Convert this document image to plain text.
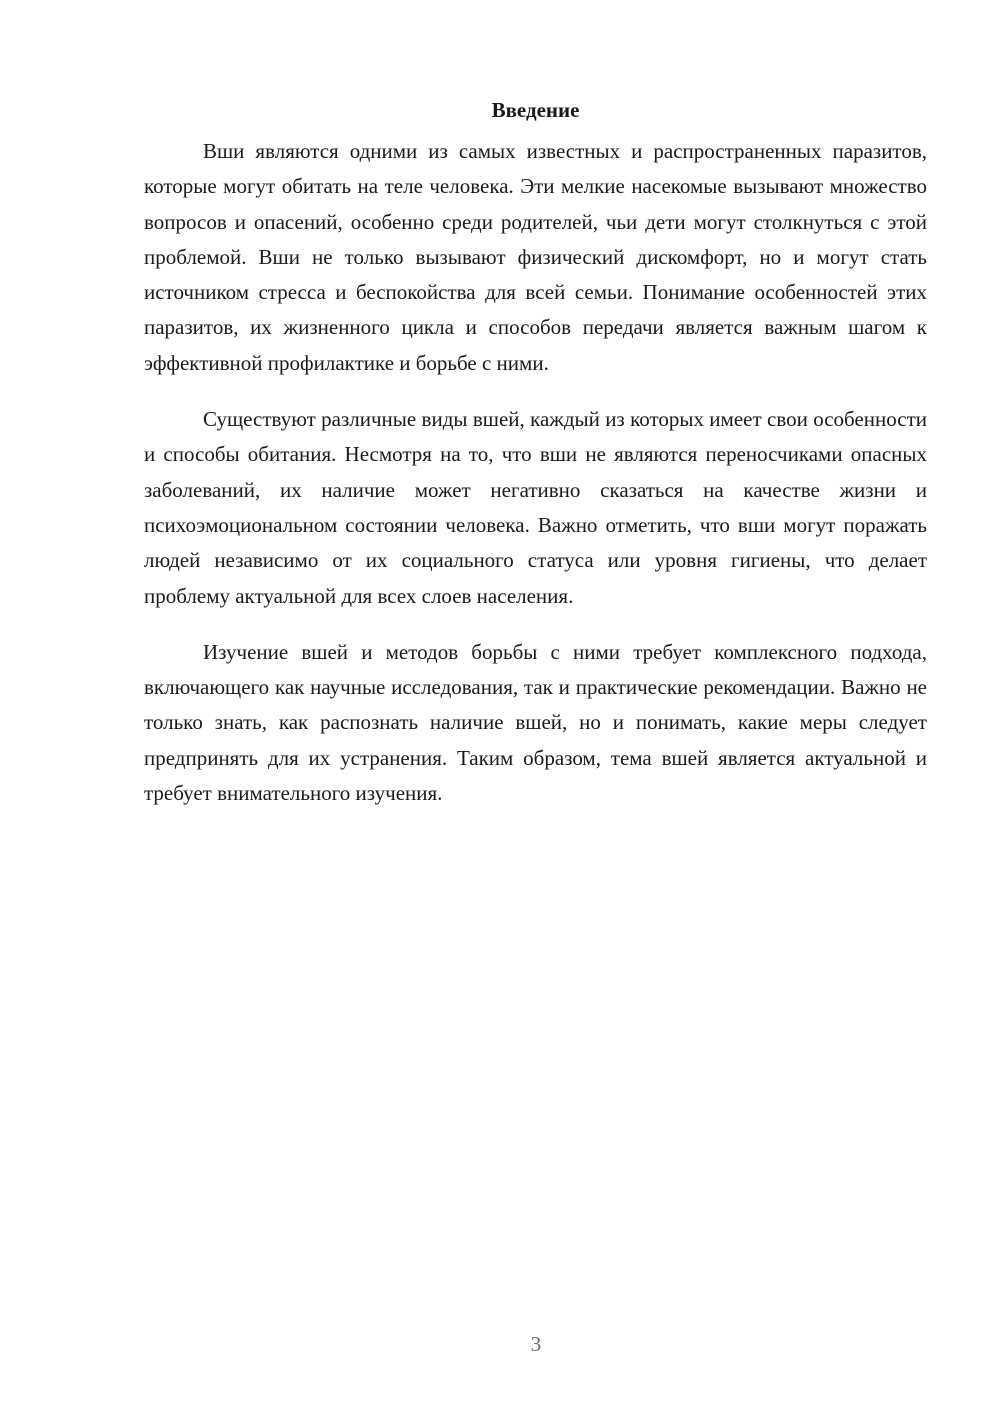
Введение

Вши являются одними из самых известных и распространенных паразитов, которые могут обитать на теле человека. Эти мелкие насекомые вызывают множество вопросов и опасений, особенно среди родителей, чьи дети могут столкнуться с этой проблемой. Вши не только вызывают физический дискомфорт, но и могут стать источником стресса и беспокойства для всей семьи. Понимание особенностей этих паразитов, их жизненного цикла и способов передачи является важным шагом к эффективной профилактике и борьбе с ними.

Существуют различные виды вшей, каждый из которых имеет свои особенности и способы обитания. Несмотря на то, что вши не являются переносчиками опасных заболеваний, их наличие может негативно сказаться на качестве жизни и психоэмоциональном состоянии человека. Важно отметить, что вши могут поражать людей независимо от их социального статуса или уровня гигиены, что делает проблему актуальной для всех слоев населения.

Изучение вшей и методов борьбы с ними требует комплексного подхода, включающего как научные исследования, так и практические рекомендации. Важно не только знать, как распознать наличие вшей, но и понимать, какие меры следует предпринять для их устранения. Таким образом, тема вшей является актуальной и требует внимательного изучения.

3
